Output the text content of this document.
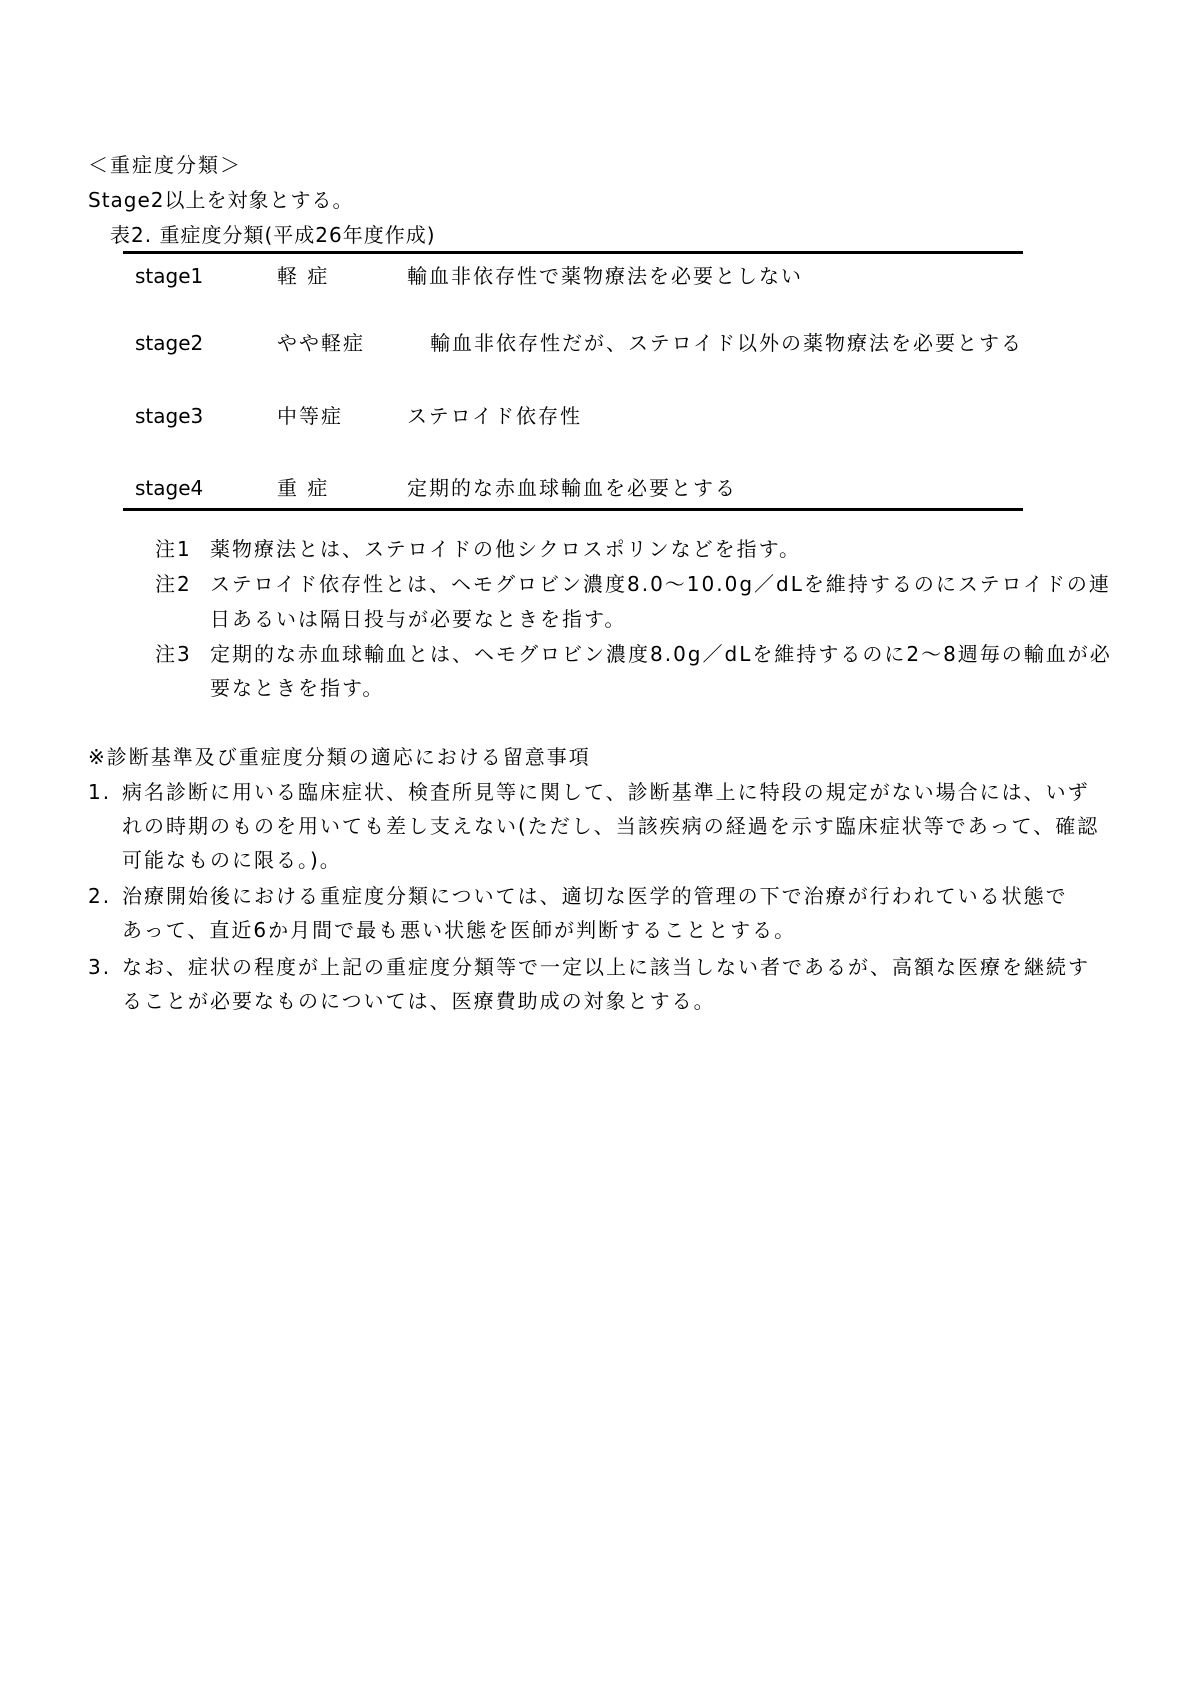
＜重症度分類＞
Stage2以上を対象とする。
表2. 重症度分類(平成26年度作成)
stage1	軽 症	輸血非依存性で薬物療法を必要としない
stage2	やや軽症	輸血非依存性だが、ステロイド以外の薬物療法を必要とする
stage3	中等症	ステロイド依存性
stage4	重 症	定期的な赤血球輸血を必要とする
注1 薬物療法とは、ステロイドの他シクロスポリンなどを指す。
注2 ステロイド依存性とは、ヘモグロビン濃度8.0～10.0g／dLを維持するのにステロイドの連
日あるいは隔日投与が必要なときを指す。
注3 定期的な赤血球輸血とは、ヘモグロビン濃度8.0g／dLを維持するのに2～8週毎の輸血が必
要なときを指す。
※診断基準及び重症度分類の適応における留意事項
1. 病名診断に用いる臨床症状、検査所見等に関して、診断基準上に特段の規定がない場合には、いず
れの時期のものを用いても差し支えない(ただし、当該疾病の経過を示す臨床症状等であって、確認
可能なものに限る。)。
2. 治療開始後における重症度分類については、適切な医学的管理の下で治療が行われている状態で
あって、直近6か月間で最も悪い状態を医師が判断することとする。
3. なお、症状の程度が上記の重症度分類等で一定以上に該当しない者であるが、高額な医療を継続す
ることが必要なものについては、医療費助成の対象とする。
